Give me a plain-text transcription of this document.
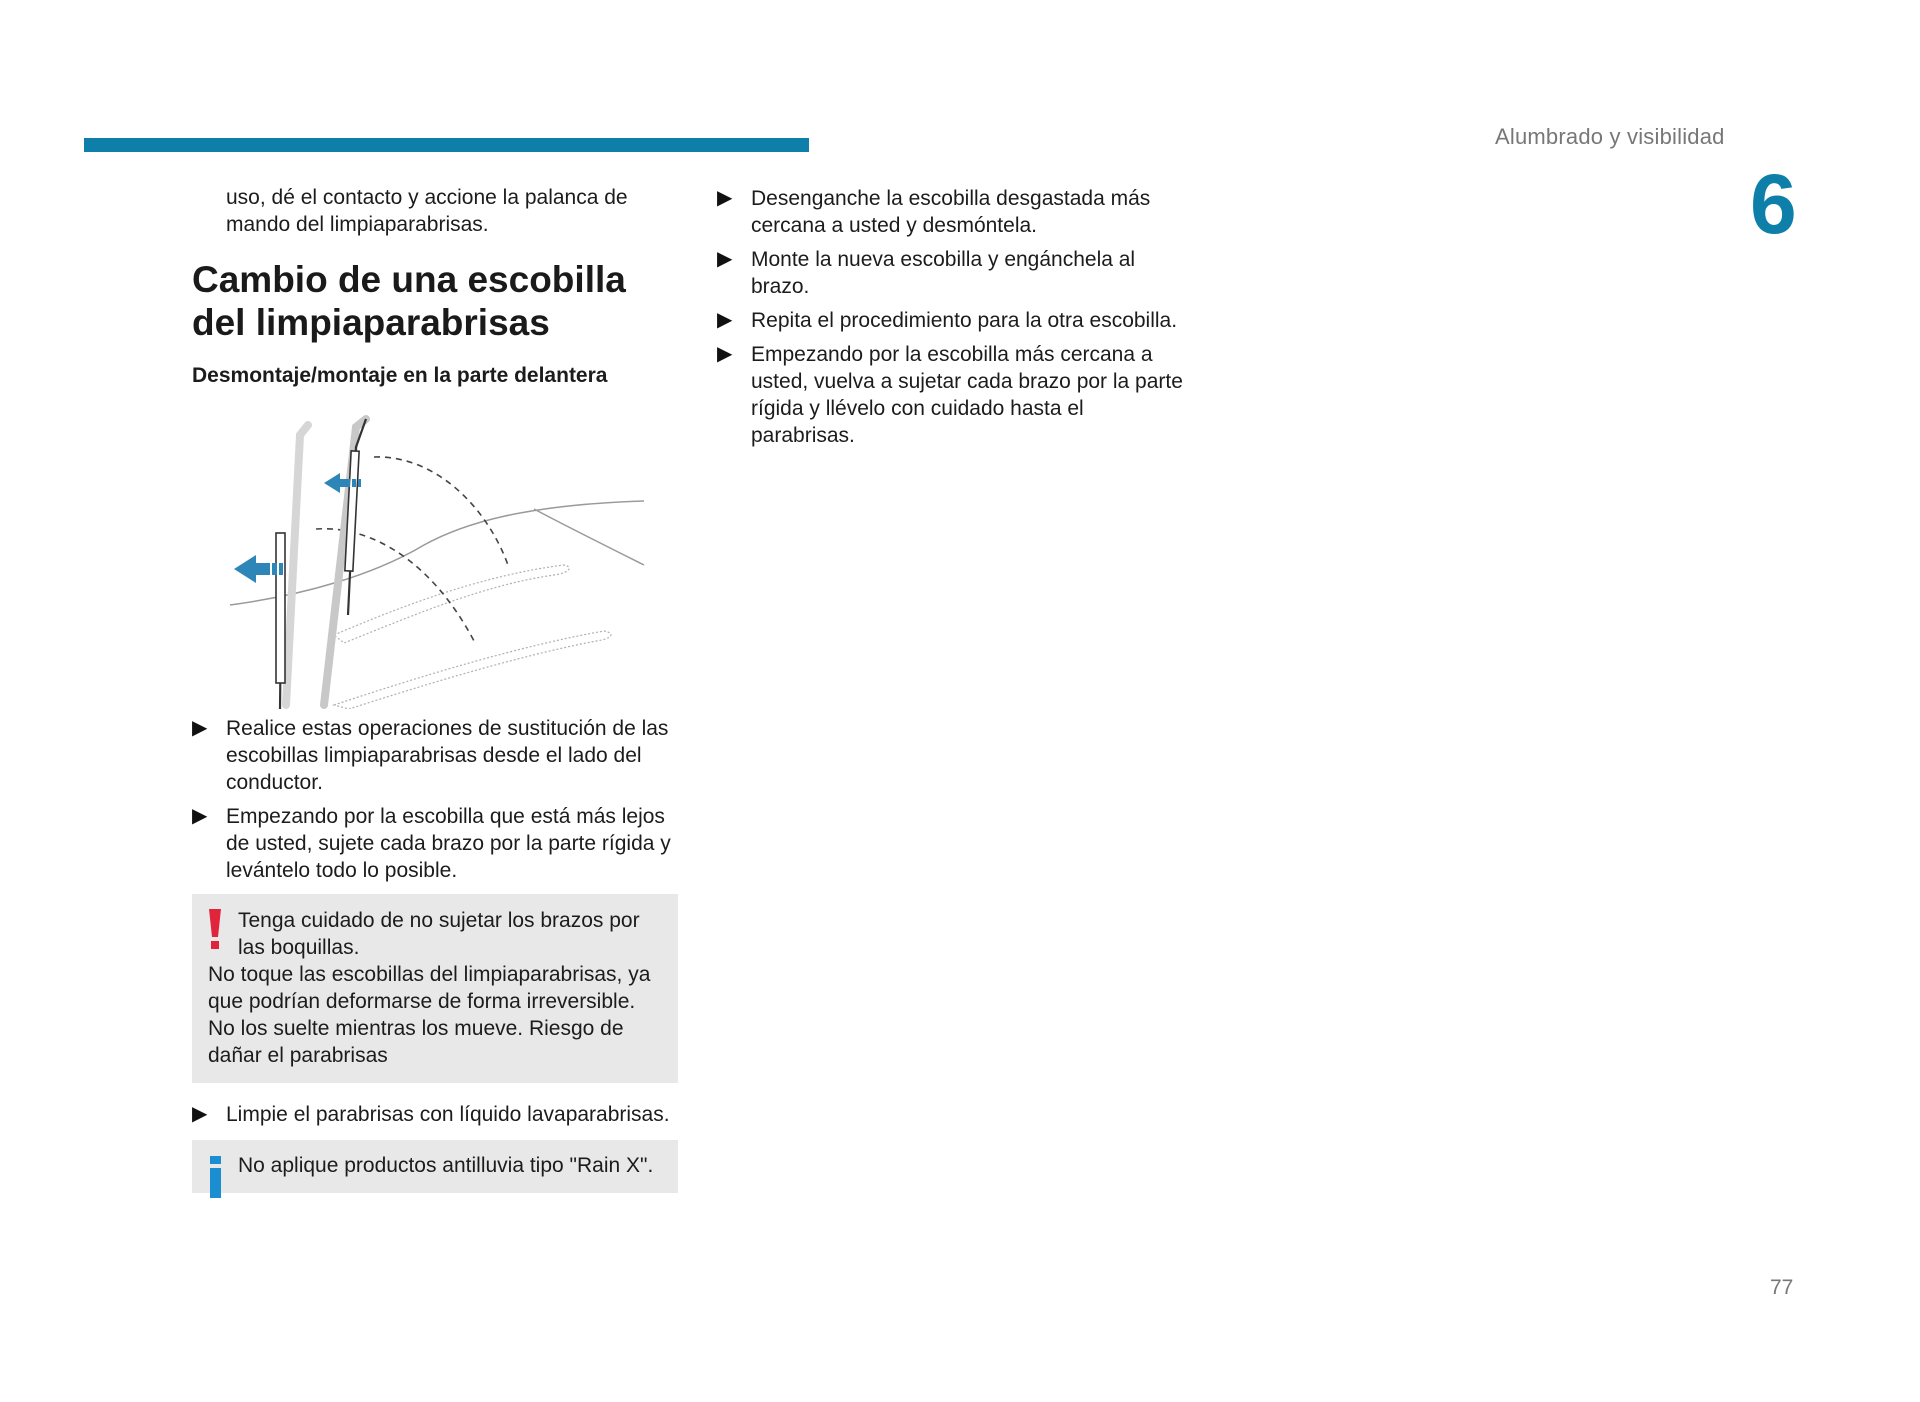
Alumbrado y visibilidad
6

uso, dé el contacto y accione la palanca de mando del limpiaparabrisas.

Cambio de una escobilla del limpiaparabrisas
Desmontaje/montaje en la parte delantera
▶ Realice estas operaciones de sustitución de las escobillas limpiaparabrisas desde el lado del conductor.
▶ Empezando por la escobilla que está más lejos de usted, sujete cada brazo por la parte rígida y levántelo todo lo posible.

Tenga cuidado de no sujetar los brazos por las boquillas.

No toque las escobillas del limpiaparabrisas, ya que podrían deformarse de forma irreversible.

No los suelte mientras los mueve. Riesgo de dañar el parabrisas

▶ Limpie el parabrisas con líquido lavaparabrisas.

No aplique productos antilluvia tipo "Rain X".

▶ Desenganche la escobilla desgastada más cercana a usted y desmóntela.
▶ Monte la nueva escobilla y engánchela al brazo.
▶ Repita el procedimiento para la otra escobilla.
▶ Empezando por la escobilla más cercana a usted, vuelva a sujetar cada brazo por la parte rígida y llévelo con cuidado hasta el parabrisas.
77
